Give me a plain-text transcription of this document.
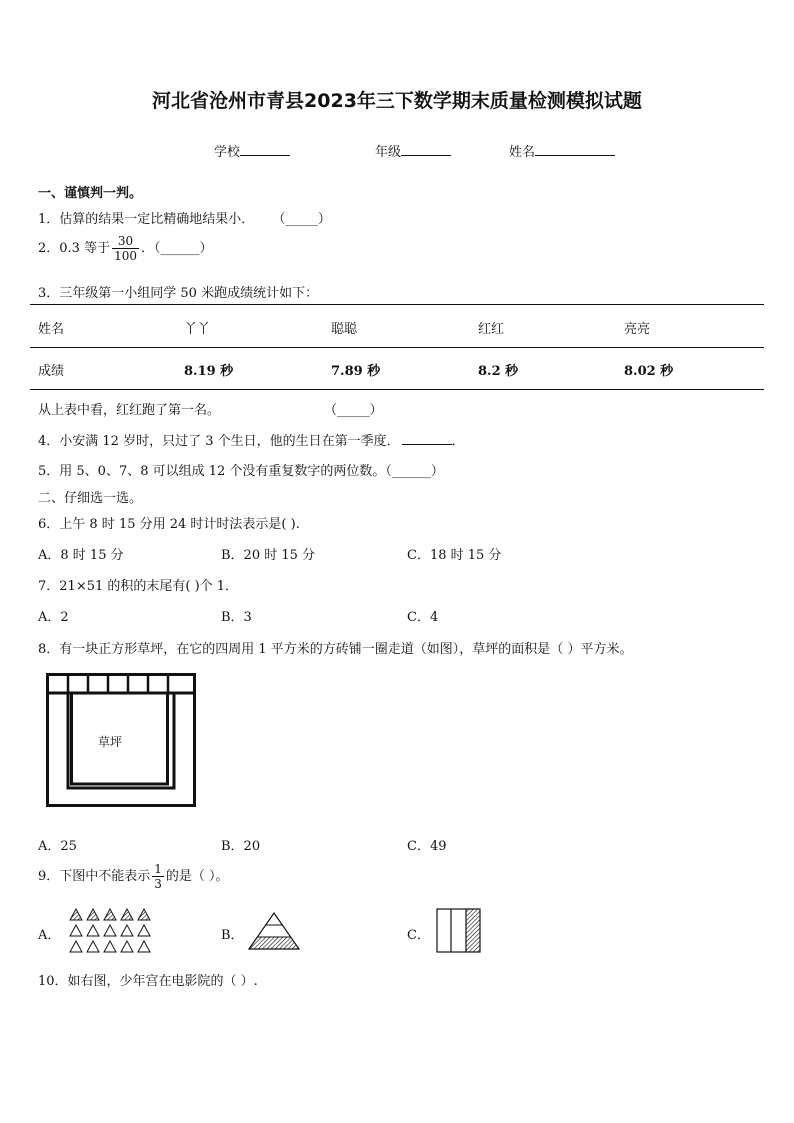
河北省沧州市青县2023年三下数学期末质量检测模拟试题
学校	年级	姓名
一、谨慎判一判。
1．估算的结果一定比精确地结果小． （_____）
2．0.3 等于 $\frac{30}{100}$ ．（______）
3．三年级第一小组同学 50 米跑成绩统计如下：
姓名	丫丫	聪聪	红红	亮亮
成绩	8.19 秒	7.89 秒	8.2 秒	8.02 秒
从上表中看，红红跑了第一名。	（_____）
4．小安满 12 岁时，只过了 3 个生日，他的生日在第一季度．	．
5．用 5、0、7、8 可以组成 12 个没有重复数字的两位数。（______）
二、仔细选一选。
6．上午 8 时 15 分用 24 时计时法表示是( ).
A．8 时 15 分	B．20 时 15 分	C．18 时 15 分
7．21×51 的积的末尾有( )个 1．
A．2	B．3	C．4
8．有一块正方形草坪，在它的四周用 1 平方米的方砖铺一圈走道（如图），草坪的面积是（ ）平方米。
草坪
A．25	B．20	C．49
9．下图中不能表示 $\frac{1}{3}$ 的是（ ）。
A．	B．	C．
10．如右图，少年宫在电影院的（ ）.
